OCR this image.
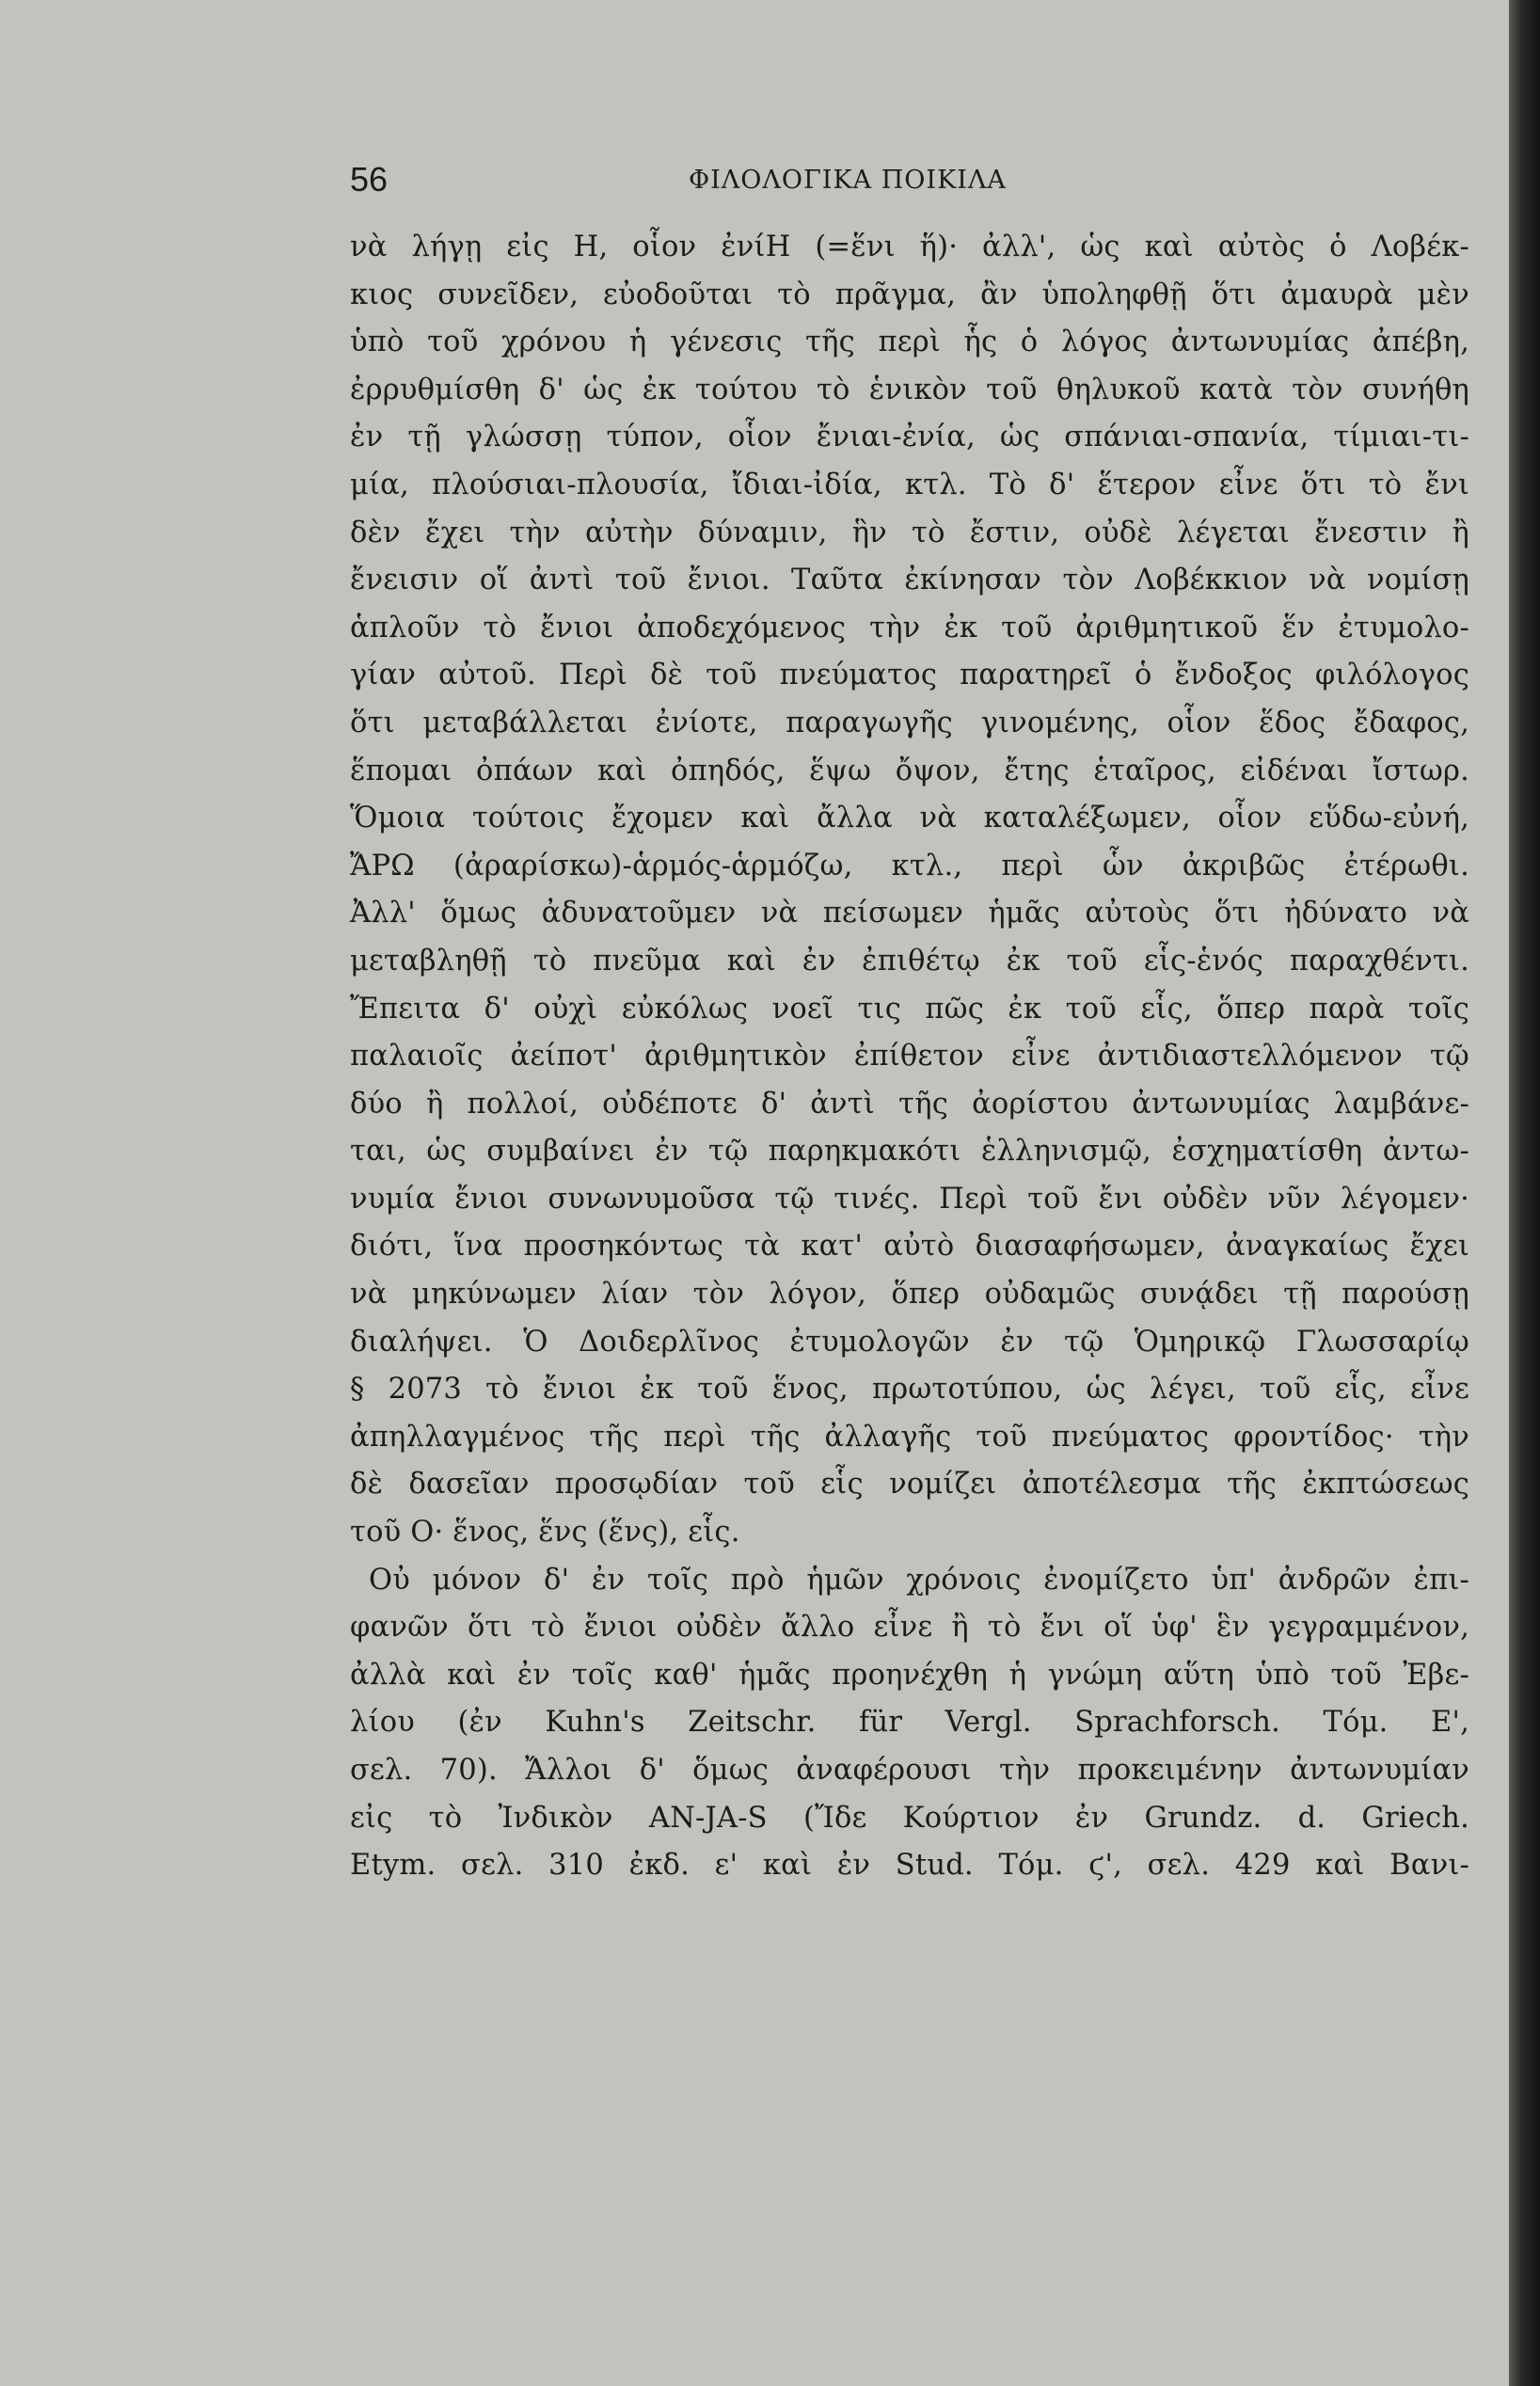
56	ΦΙΛΟΛΟΓΙΚΑ ΠΟΙΚΙΛΑ
νὰ λήγῃ εἰς Η, οἷον ἐνίΗ (=ἕνι ἥ)· ἀλλ', ὡς καὶ αὐτὸς ὁ Λοβέκ-
κιος συνεῖδεν, εὐοδοῦται τὸ πρᾶγμα, ἂν ὑποληφθῇ ὅτι ἀμαυρὰ μὲν
ὑπὸ τοῦ χρόνου ἡ γένεσις τῆς περὶ ἧς ὁ λόγος ἀντωνυμίας ἀπέβη,
ἐρρυθμίσθη δ' ὡς ἐκ τούτου τὸ ἑνικὸν τοῦ θηλυκοῦ κατὰ τὸν συνήθη
ἐν τῇ γλώσσῃ τύπον, οἷον ἔνιαι-ἐνία, ὡς σπάνιαι-σπανία, τίμιαι-τι-
μία, πλούσιαι-πλουσία, ἴδιαι-ἰδία, κτλ. Τὸ δ' ἕτερον εἶνε ὅτι τὸ ἔνι
δὲν ἔχει τὴν αὐτὴν δύναμιν, ἣν τὸ ἔστιν, οὐδὲ λέγεται ἔνεστιν ἢ
ἔνεισιν οἵ ἀντὶ τοῦ ἔνιοι. Ταῦτα ἐκίνησαν τὸν Λοβέκκιον νὰ νομίσῃ
ἁπλοῦν τὸ ἔνιοι ἀποδεχόμενος τὴν ἐκ τοῦ ἀριθμητικοῦ ἕν ἐτυμολο-
γίαν αὐτοῦ. Περὶ δὲ τοῦ πνεύματος παρατηρεῖ ὁ ἔνδοξος φιλόλογος
ὅτι μεταβάλλεται ἐνίοτε, παραγωγῆς γινομένης, οἷον ἕδος ἔδαφος,
ἕπομαι ὀπάων καὶ ὀπηδός, ἕψω ὄψον, ἔτης ἑταῖρος, εἰδέναι ἴστωρ.
Ὅμοια τούτοις ἔχομεν καὶ ἄλλα νὰ καταλέξωμεν, οἷον εὕδω-εὐνή,
ἌΡΩ (ἀραρίσκω)-ἁρμός-ἁρμόζω, κτλ., περὶ ὧν ἀκριβῶς ἐτέρωθι.
Ἀλλ' ὅμως ἀδυνατοῦμεν νὰ πείσωμεν ἡμᾶς αὐτοὺς ὅτι ἠδύνατο νὰ
μεταβληθῇ τὸ πνεῦμα καὶ ἐν ἐπιθέτῳ ἐκ τοῦ εἷς-ἑνός παραχθέντι.
Ἔπειτα δ' οὐχὶ εὐκόλως νοεῖ τις πῶς ἐκ τοῦ εἷς, ὅπερ παρὰ τοῖς
παλαιοῖς ἀείποτ' ἀριθμητικὸν ἐπίθετον εἶνε ἀντιδιαστελλόμενον τῷ
δύο ἢ πολλοί, οὐδέποτε δ' ἀντὶ τῆς ἀορίστου ἀντωνυμίας λαμβάνε-
ται, ὡς συμβαίνει ἐν τῷ παρηκμακότι ἑλληνισμῷ, ἐσχηματίσθη ἀντω-
νυμία ἔνιοι συνωνυμοῦσα τῷ τινές. Περὶ τοῦ ἔνι οὐδὲν νῦν λέγομεν·
διότι, ἵνα προσηκόντως τὰ κατ' αὐτὸ διασαφήσωμεν, ἀναγκαίως ἔχει
νὰ μηκύνωμεν λίαν τὸν λόγον, ὅπερ οὐδαμῶς συνᾴδει τῇ παρούσῃ
διαλήψει. Ὁ Δοιδερλῖνος ἐτυμολογῶν ἐν τῷ Ὁμηρικῷ Γλωσσαρίῳ
§ 2073 τὸ ἔνιοι ἐκ τοῦ ἕνος, πρωτοτύπου, ὡς λέγει, τοῦ εἷς, εἶνε
ἀπηλλαγμένος τῆς περὶ τῆς ἀλλαγῆς τοῦ πνεύματος φροντίδος· τὴν
δὲ δασεῖαν προσῳδίαν τοῦ εἷς νομίζει ἀποτέλεσμα τῆς ἐκπτώσεως
τοῦ Ο· ἕνος, ἕνς (ἕνς), εἷς.
Οὐ μόνον δ' ἐν τοῖς πρὸ ἡμῶν χρόνοις ἐνομίζετο ὑπ' ἀνδρῶν ἐπι-
φανῶν ὅτι τὸ ἔνιοι οὐδὲν ἄλλο εἶνε ἢ τὸ ἔνι οἵ ὑφ' ἓν γεγραμμένον,
ἀλλὰ καὶ ἐν τοῖς καθ' ἡμᾶς προηνέχθη ἡ γνώμη αὕτη ὑπὸ τοῦ Ἐβε-
λίου (ἐν Kuhn's Zeitschr. für Vergl. Sprachforsch. Τόμ. Ε',
σελ. 70). Ἄλλοι δ' ὅμως ἀναφέρουσι τὴν προκειμένην ἀντωνυμίαν
εἰς τὸ Ἰνδικὸν AN-JA-S (Ἴδε Κούρτιον ἐν Grundz. d. Griech.
Etym. σελ. 310 ἐκδ. ε' καὶ ἐν Stud. Τόμ. ϛ', σελ. 429 καὶ Βανι-
